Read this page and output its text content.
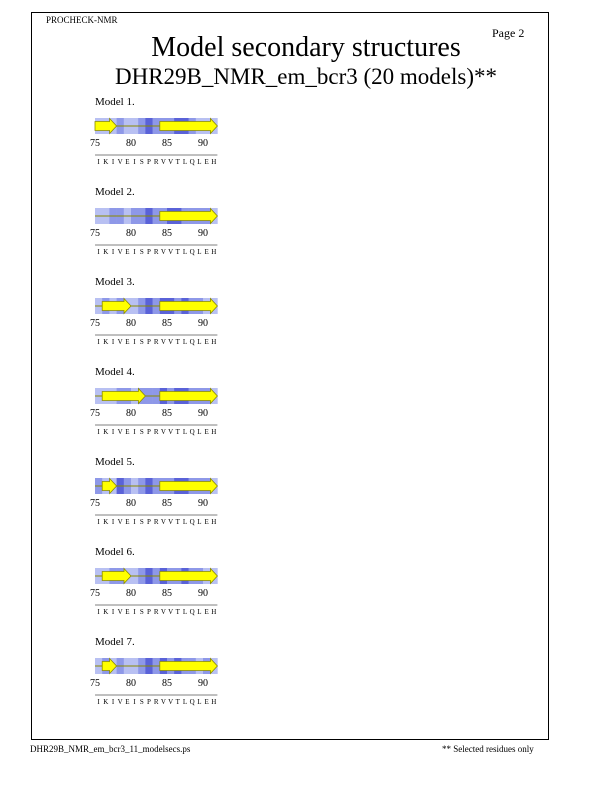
PROCHECK-NMR
Page 2
Model secondary structures
DHR29B_NMR_em_bcr3 (20 models)**
Model 1.
75	80	85	90
I K I V E I S P R V V T L Q L E H
Model 2.
75	80	85	90
I K I V E I S P R V V T L Q L E H
Model 3.
75	80	85	90
I K I V E I S P R V V T L Q L E H
Model 4.
75	80	85	90
I K I V E I S P R V V T L Q L E H
Model 5.
75	80	85	90
I K I V E I S P R V V T L Q L E H
Model 6.
75	80	85	90
I K I V E I S P R V V T L Q L E H
Model 7.
75	80	85	90
I K I V E I S P R V V T L Q L E H
DHR29B_NMR_em_bcr3_11_modelsecs.ps	** Selected residues only
